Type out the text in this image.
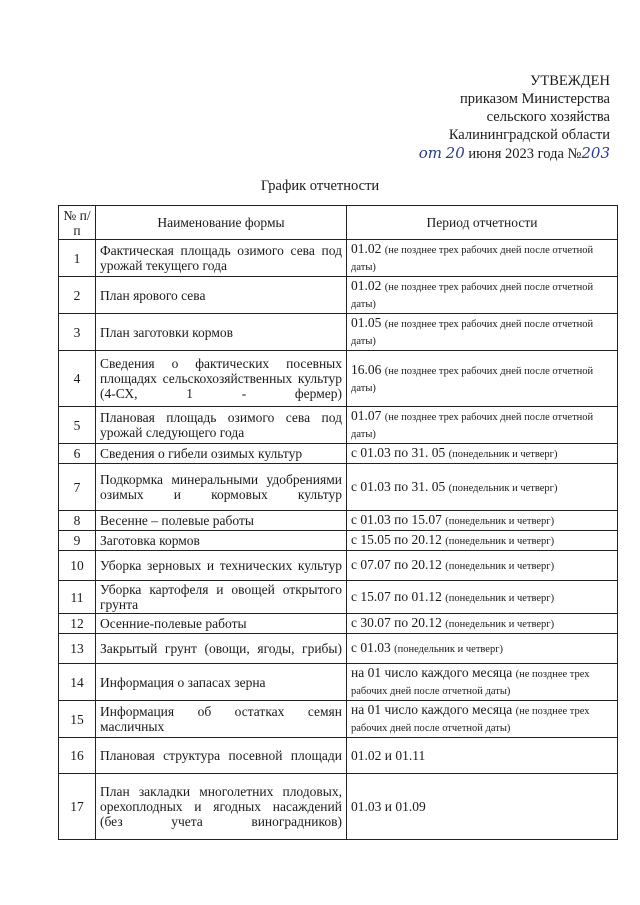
УТВЕЖДЕН
приказом Министерства
сельского хозяйства
Калининградской области
от 20 июня 2023 года №203
График отчетности
№ п/п	Наименование формы	Период отчетности
1	Фактическая площадь озимого сева под урожай текущего года	01.02 (не позднее трех рабочих дней после отчетной даты)
2	План ярового сева	01.02 (не позднее трех рабочих дней после отчетной даты)
3	План заготовки кормов	01.05 (не позднее трех рабочих дней после отчетной даты)
4	Сведения о фактических посевных площадях сельскохозяйственных культур (4-СХ, 1 - фермер)	16.06 (не позднее трех рабочих дней после отчетной даты)
5	Плановая площадь озимого сева под урожай следующего года	01.07 (не позднее трех рабочих дней после отчетной даты)
6	Сведения о гибели озимых культур	с 01.03 по 31. 05 (понедельник и четверг)
7	Подкормка минеральными удобрениями озимых и кормовых культур	с 01.03 по 31. 05 (понедельник и четверг)
8	Весенне – полевые работы	с 01.03 по 15.07 (понедельник и четверг)
9	Заготовка кормов	с 15.05 по 20.12 (понедельник и четверг)
10	Уборка зерновых и технических культур	с 07.07 по 20.12 (понедельник и четверг)
11	Уборка картофеля и овощей открытого грунта	с 15.07 по 01.12 (понедельник и четверг)
12	Осенние-полевые работы	с 30.07 по 20.12 (понедельник и четверг)
13	Закрытый грунт (овощи, ягоды, грибы)	с 01.03 (понедельник и четверг)
14	Информация о запасах зерна	на 01 число каждого месяца (не позднее трех рабочих дней после отчетной даты)
15	Информация об остатках семян масличных	на 01 число каждого месяца (не позднее трех рабочих дней после отчетной даты)
16	Плановая структура посевной площади	01.02 и 01.11
17	План закладки многолетних плодовых, орехоплодных и ягодных насаждений (без учета виноградников)	01.03 и 01.09
